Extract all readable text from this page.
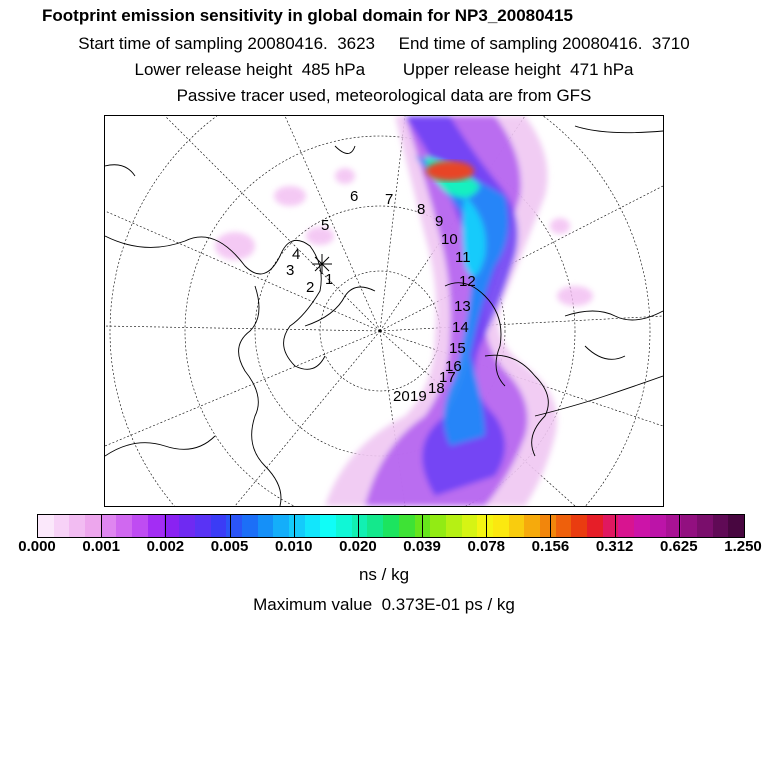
Footprint emission sensitivity in global domain for NP3_20080415
Start time of sampling 20080416.  3623     End time of sampling 20080416.  3710
Lower release height  485 hPa        Upper release height  471 hPa
Passive tracer used, meteorological data are from GFS
1
2
3
4
5
6 7
8
9
10
11
12
13
14
15
16
17
18
19
20
0.000 0.001 0.002 0.005 0.010 0.020 0.039 0.078 0.156 0.312 0.625 1.250
ns / kg
Maximum value  0.373E-01 ps / kg
